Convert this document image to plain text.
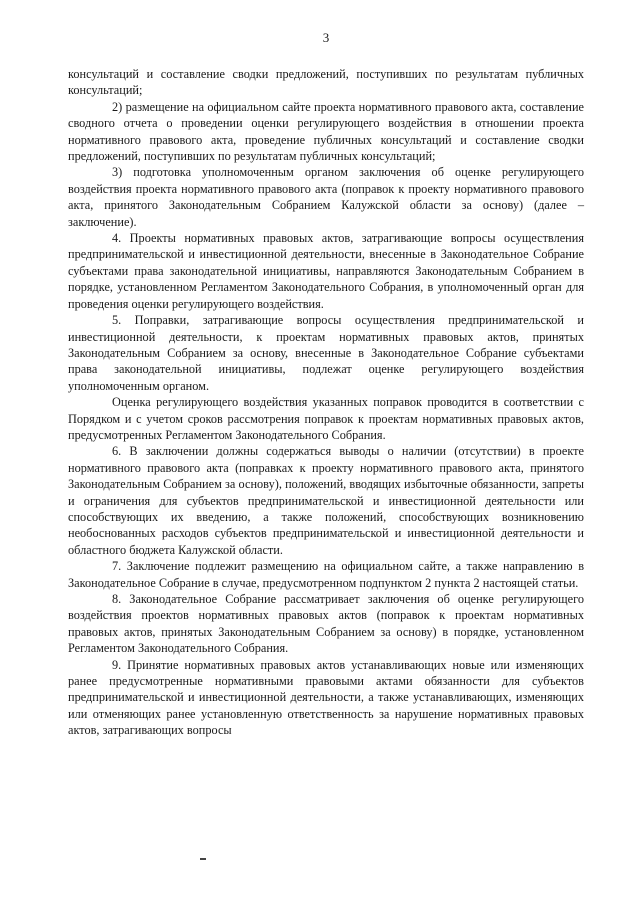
3

консультаций и составление сводки предложений, поступивших по результатам публичных консультаций;

2) размещение на официальном сайте проекта нормативного правового акта, составление сводного отчета о проведении оценки регулирующего воздействия в отношении проекта нормативного правового акта, проведение публичных консультаций и составление сводки предложений, поступивших по результатам публичных консультаций;

3) подготовка уполномоченным органом заключения об оценке регулирующего воздействия проекта нормативного правового акта (поправок к проекту нормативного правового акта, принятого Законодательным Собранием Калужской области за основу) (далее – заключение).

4. Проекты нормативных правовых актов, затрагивающие вопросы осуществления предпринимательской и инвестиционной деятельности, внесенные в Законодательное Собрание субъектами права законодательной инициативы, направляются Законодательным Собранием в порядке, установленном Регламентом Законодательного Собрания, в уполномоченный орган для проведения оценки регулирующего воздействия.

5. Поправки, затрагивающие вопросы осуществления предпринимательской и инвестиционной деятельности, к проектам нормативных правовых актов, принятых Законодательным Собранием за основу, внесенные в Законодательное Собрание субъектами права законодательной инициативы, подлежат оценке регулирующего воздействия уполномоченным органом.

Оценка регулирующего воздействия указанных поправок проводится в соответствии с Порядком и с учетом сроков рассмотрения поправок к проектам нормативных правовых актов, предусмотренных Регламентом Законодательного Собрания.

6. В заключении должны содержаться выводы о наличии (отсутствии) в проекте нормативного правового акта (поправках к проекту нормативного правового акта, принятого Законодательным Собранием за основу), положений, вводящих избыточные обязанности, запреты и ограничения для субъектов предпринимательской и инвестиционной деятельности или способствующих их введению, а также положений, способствующих возникновению необоснованных расходов субъектов предпринимательской и инвестиционной деятельности и областного бюджета Калужской области.

7. Заключение подлежит размещению на официальном сайте, а также направлению в Законодательное Собрание в случае, предусмотренном подпунктом 2 пункта 2 настоящей статьи.

8. Законодательное Собрание рассматривает заключения об оценке регулирующего воздействия проектов нормативных правовых актов (поправок к проектам нормативных правовых актов, принятых Законодательным Собранием за основу) в порядке, установленном Регламентом Законодательного Собрания.

9. Принятие нормативных правовых актов устанавливающих новые или изменяющих ранее предусмотренные нормативными правовыми актами обязанности для субъектов предпринимательской и инвестиционной деятельности, а также устанавливающих, изменяющих или отменяющих ранее установленную ответственность за нарушение нормативных правовых актов, затрагивающих вопросы
